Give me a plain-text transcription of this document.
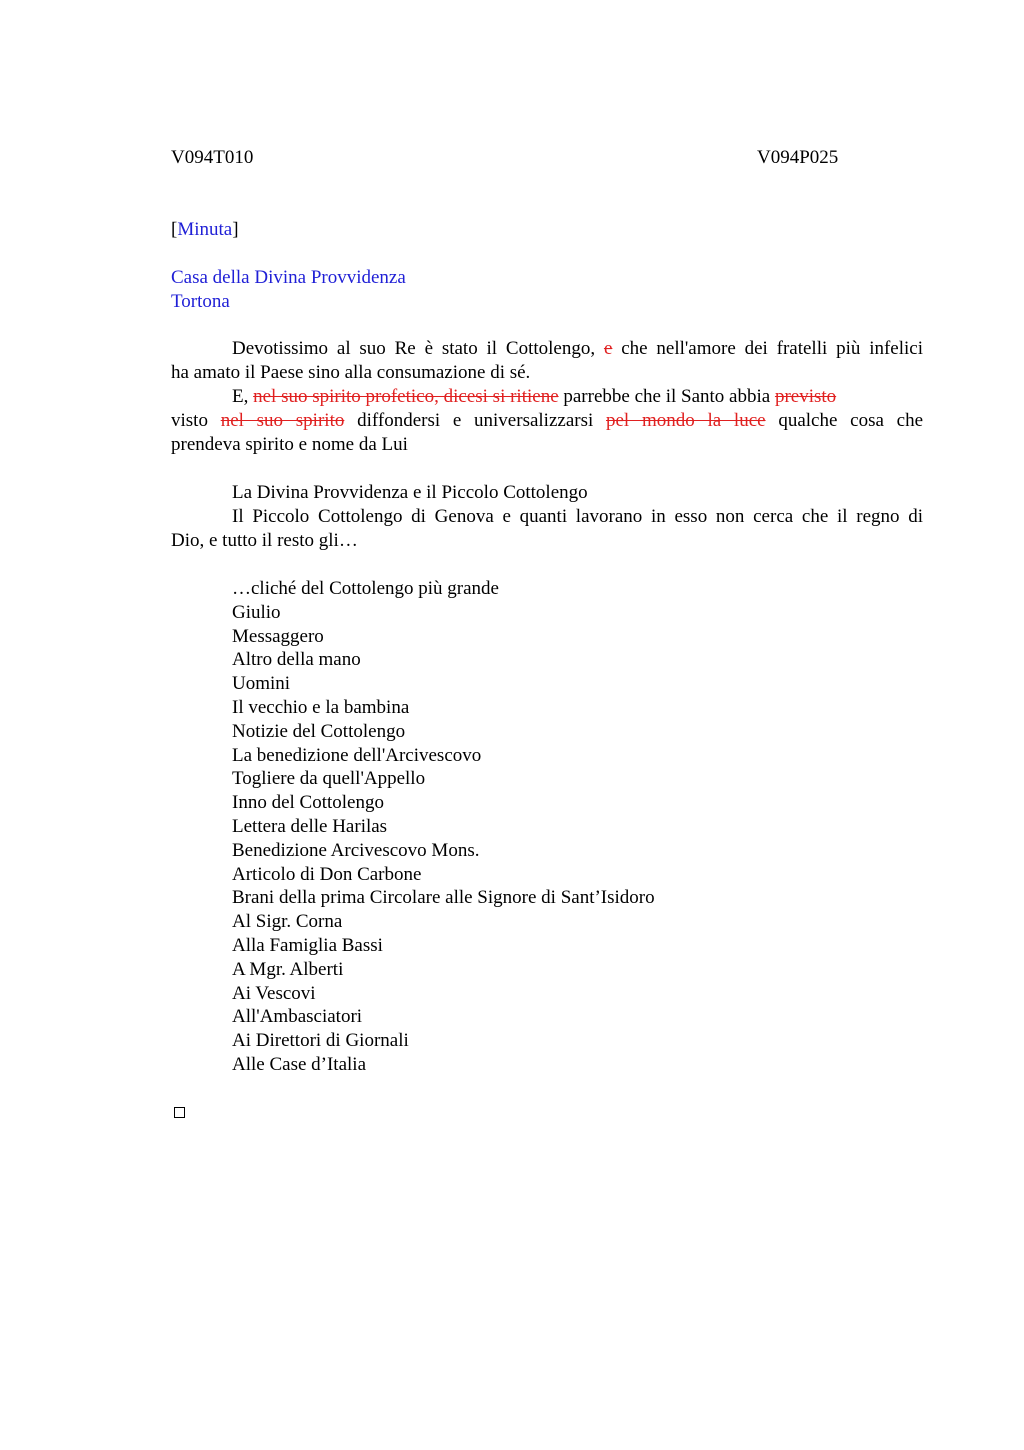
V094T010	V094P025
[Minuta]
Casa della Divina Provvidenza
Tortona
Devotissimo al suo Re è stato il Cottolengo, e che nell'amore dei fratelli più infelici
ha amato il Paese sino alla consumazione di sé.
E, nel suo spirito profetico, dicesi si ritiene parrebbe che il Santo abbia previsto
visto nel suo spirito diffondersi e universalizzarsi pel mondo la luce qualche cosa che
prendeva spirito e nome da Lui
La Divina Provvidenza e il Piccolo Cottolengo
Il Piccolo Cottolengo di Genova e quanti lavorano in esso non cerca che il regno di
Dio, e tutto il resto gli…
…cliché del Cottolengo più grande
Giulio
Messaggero
Altro della mano
Uomini
Il vecchio e la bambina
Notizie del Cottolengo
La benedizione dell'Arcivescovo
Togliere da quell'Appello
Inno del Cottolengo
Lettera delle Harilas
Benedizione Arcivescovo Mons.
Articolo di Don Carbone
Brani della prima Circolare alle Signore di Sant’Isidoro
Al Sigr. Corna
Alla Famiglia Bassi
A Mgr. Alberti
Ai Vescovi
All'Ambasciatori
Ai Direttori di Giornali
Alle Case d’Italia
